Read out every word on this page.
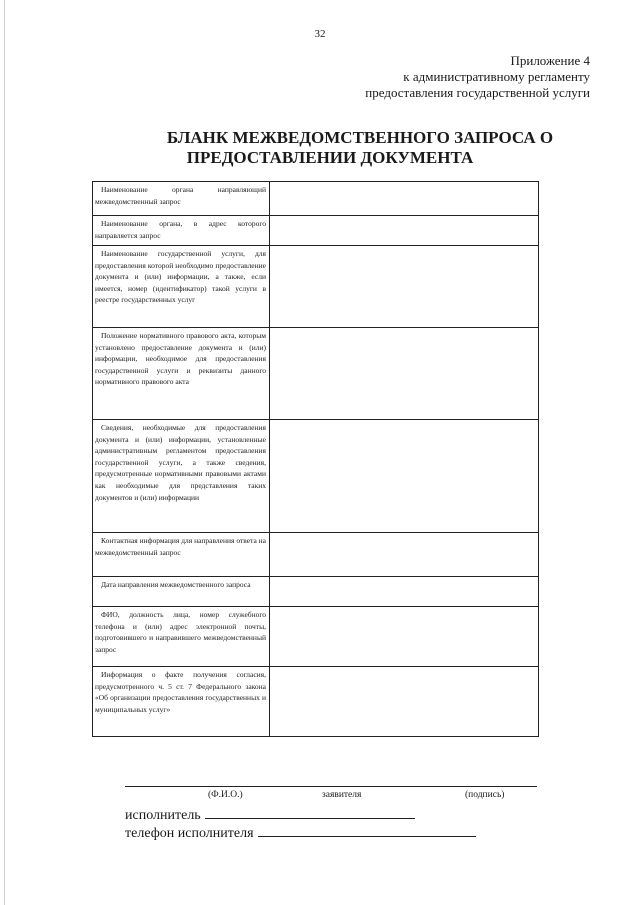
32
Приложение 4
к административному регламенту
предоставления государственной услуги
БЛАНК МЕЖВЕДОМСТВЕННОГО ЗАПРОСА О
ПРЕДОСТАВЛЕНИИ ДОКУМЕНТА
Наименование органа направляющий межведомственный запрос	

Наименование органа, в адрес которого направляется запрос	

Наименование государственной услуги, для предоставления которой необходимо предоставление документа и (или) информации, а также, если имеется, номер (идентификатор) такой услуги в реестре государственных услуг	

Положение нормативного правового акта, которым установлено предоставление документа и (или) информации, необходимое для предоставления государственной услуги и реквизиты данного нормативного правового акта	

Сведения, необходимые для предоставления документа и (или) информации, установленные административным регламентом предоставления государственной услуги, а также сведения, предусмотренные нормативными правовыми актами как необходимые для представления таких документов и (или) информации	

Контактная информация для направления ответа на межведомственный запрос	

Дата направления межведомственного запроса	

ФИО, должность лица, номер служебного телефона и (или) адрес электронной почты, подготовившего и направившего межведомственный запрос	

Информация о факте получения согласия, предусмотренного ч. 5 ст. 7 Федерального закона «Об организации предоставления государственных и муниципальных услуг»	

(Ф.И.О.)	заявителя	(подпись)
исполнитель
телефон исполнителя
